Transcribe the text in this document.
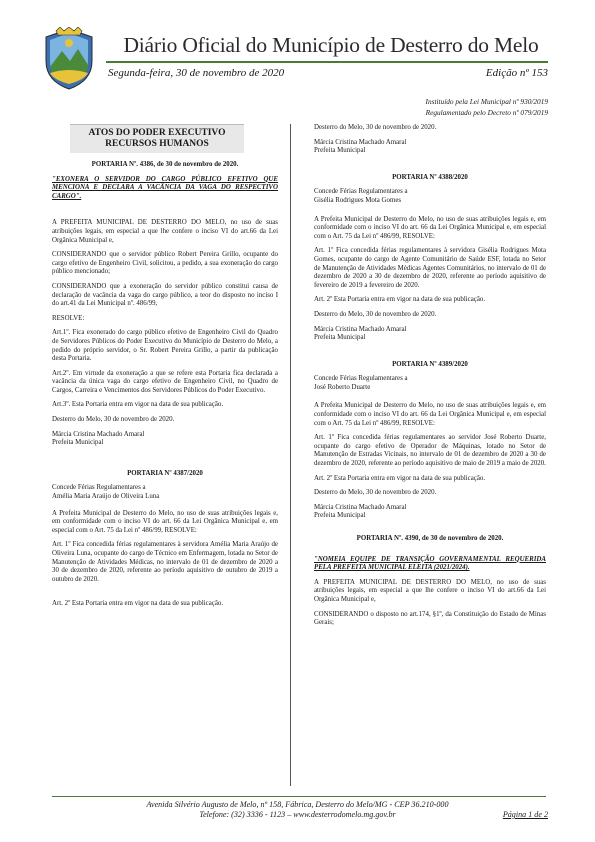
Diário Oficial do Município de Desterro do Melo
Segunda-feira, 30 de novembro de 2020	Edição nº 153
Instituído pela Lei Municipal nº 930/2019
Regulamentado pelo Decreto nº 079/2019
ATOS DO PODER EXECUTIVO
RECURSOS HUMANOS

PORTARIA Nº. 4386, de 30 de novembro de 2020.

"EXONERA O SERVIDOR DO CARGO PÚBLICO EFETIVO QUE MENCIONA E DECLARA A VACÂNCIA DA VAGA DO RESPECTIVO CARGO".

A PREFEITA MUNICIPAL DE DESTERRO DO MELO, no uso de suas atribuições legais, em especial a que lhe confere o inciso VI do art.66 da Lei Orgânica Municipal e,

CONSIDERANDO que o servidor público Robert Pereira Grillo, ocupante do cargo efetivo de Engenheiro Civil, solicitou, a pedido, a sua exoneração do cargo público mencionado;

CONSIDERANDO que a exoneração do servidor público constitui causa de declaração de vacância da vaga do cargo público, a teor do disposto no inciso I do art.41 da Lei Municipal nº. 486/99,

RESOLVE:

Art.1º. Fica exonerado do cargo público efetivo de Engenheiro Civil do Quadro de Servidores Públicos do Poder Executivo do Município de Desterro do Melo, a pedido do próprio servidor, o Sr. Robert Pereira Grillo, a partir da publicação desta Portaria.

Art.2º. Em virtude da exoneração a que se refere esta Portaria fica declarada a vacância da única vaga do cargo efetivo de Engenheiro Civil, no Quadro de Cargos, Carreira e Vencimentos dos Servidores Públicos do Poder Executivo.

Art.3º. Esta Portaria entra em vigor na data de sua publicação.

Desterro do Melo, 30 de novembro de 2020.

Márcia Cristina Machado Amaral
Prefeita Municipal

PORTARIA Nº 4387/2020

Concede Férias Regulamentares a

Amélia Maria Araújo de Oliveira Luna

A Prefeita Municipal de Desterro do Melo, no uso de suas atribuições legais e, em conformidade com o inciso VI do art. 66 da Lei Orgânica Municipal e, em especial com o Art. 75 da Lei nº 486/99, RESOLVE:

Art. 1º Fica concedida férias regulamentares à servidora Amélia Maria Araújo de Oliveira Luna, ocupante do cargo de Técnico em Enfermagem, lotada no Setor de Manutenção de Atividades Médicas, no intervalo de 01 de dezembro de 2020 a 30 de dezembro de 2020, referente ao período aquisitivo de outubro de 2019 a outubro de 2020.

Art. 2º Esta Portaria entra em vigor na data de sua publicação.

Desterro do Melo, 30 de novembro de 2020.

Márcia Cristina Machado Amaral
Prefeita Municipal

PORTARIA Nº 4388/2020

Concede Férias Regulamentares a

Gisélia Rodrigues Mota Gomes

A Prefeita Municipal de Desterro do Melo, no uso de suas atribuições legais e, em conformidade com o inciso VI do art. 66 da Lei Orgânica Municipal e, em especial com o Art. 75 da Lei nº 486/99, RESOLVE:

Art. 1º Fica concedida férias regulamentares à servidora Gisélia Rodrigues Mota Gomes, ocupante do cargo de Agente Comunitário de Saúde ESF, lotada no Setor de Manutenção de Atividades Médicas Agentes Comunitários, no intervalo de 01 de dezembro de 2020 a 30 de dezembro de 2020, referente ao período aquisitivo de fevereiro de 2019 a fevereiro de 2020.

Art. 2º Esta Portaria entra em vigor na data de sua publicação.

Desterro do Melo, 30 de novembro de 2020.

Márcia Cristina Machado Amaral
Prefeita Municipal

PORTARIA Nº 4389/2020

Concede Férias Regulamentares a

José Roberto Duarte

A Prefeita Municipal de Desterro do Melo, no uso de suas atribuições legais e, em conformidade com o inciso VI do art. 66 da Lei Orgânica Municipal e, em especial com o Art. 75 da Lei nº 486/99, RESOLVE:

Art. 1º Fica concedida férias regulamentares ao servidor José Roberto Duarte, ocupante do cargo efetivo de Operador de Máquinas, lotado no Setor de Manutenção de Estradas Vicinais, no intervalo de 01 de dezembro de 2020 a 30 de dezembro de 2020, referente ao período aquisitivo de maio de 2019 a maio de 2020.

Art. 2º Esta Portaria entra em vigor na data de sua publicação.

Desterro do Melo, 30 de novembro de 2020.

Márcia Cristina Machado Amaral
Prefeita Municipal

PORTARIA Nº. 4390, de 30 de novembro de 2020.

"NOMEIA EQUIPE DE TRANSIÇÃO GOVERNAMENTAL REQUERIDA PELA PREFEITA MUNICIPAL ELEITA (2021/2024).

A PREFEITA MUNICIPAL DE DESTERRO DO MELO, no uso de suas atribuições legais, em especial a que lhe confere o inciso VI do art.66 da Lei Orgânica Municipal e,

CONSIDERANDO o disposto no art.174, §1º, da Constituição do Estado de Minas Gerais;

Avenida Silvério Augusto de Melo, nº 158, Fábrica, Desterro do Melo/MG - CEP 36.210-000
Telefone: (32) 3336 - 1123 – www.desterrodomelo.mg.gov.br	Página 1 de 2
